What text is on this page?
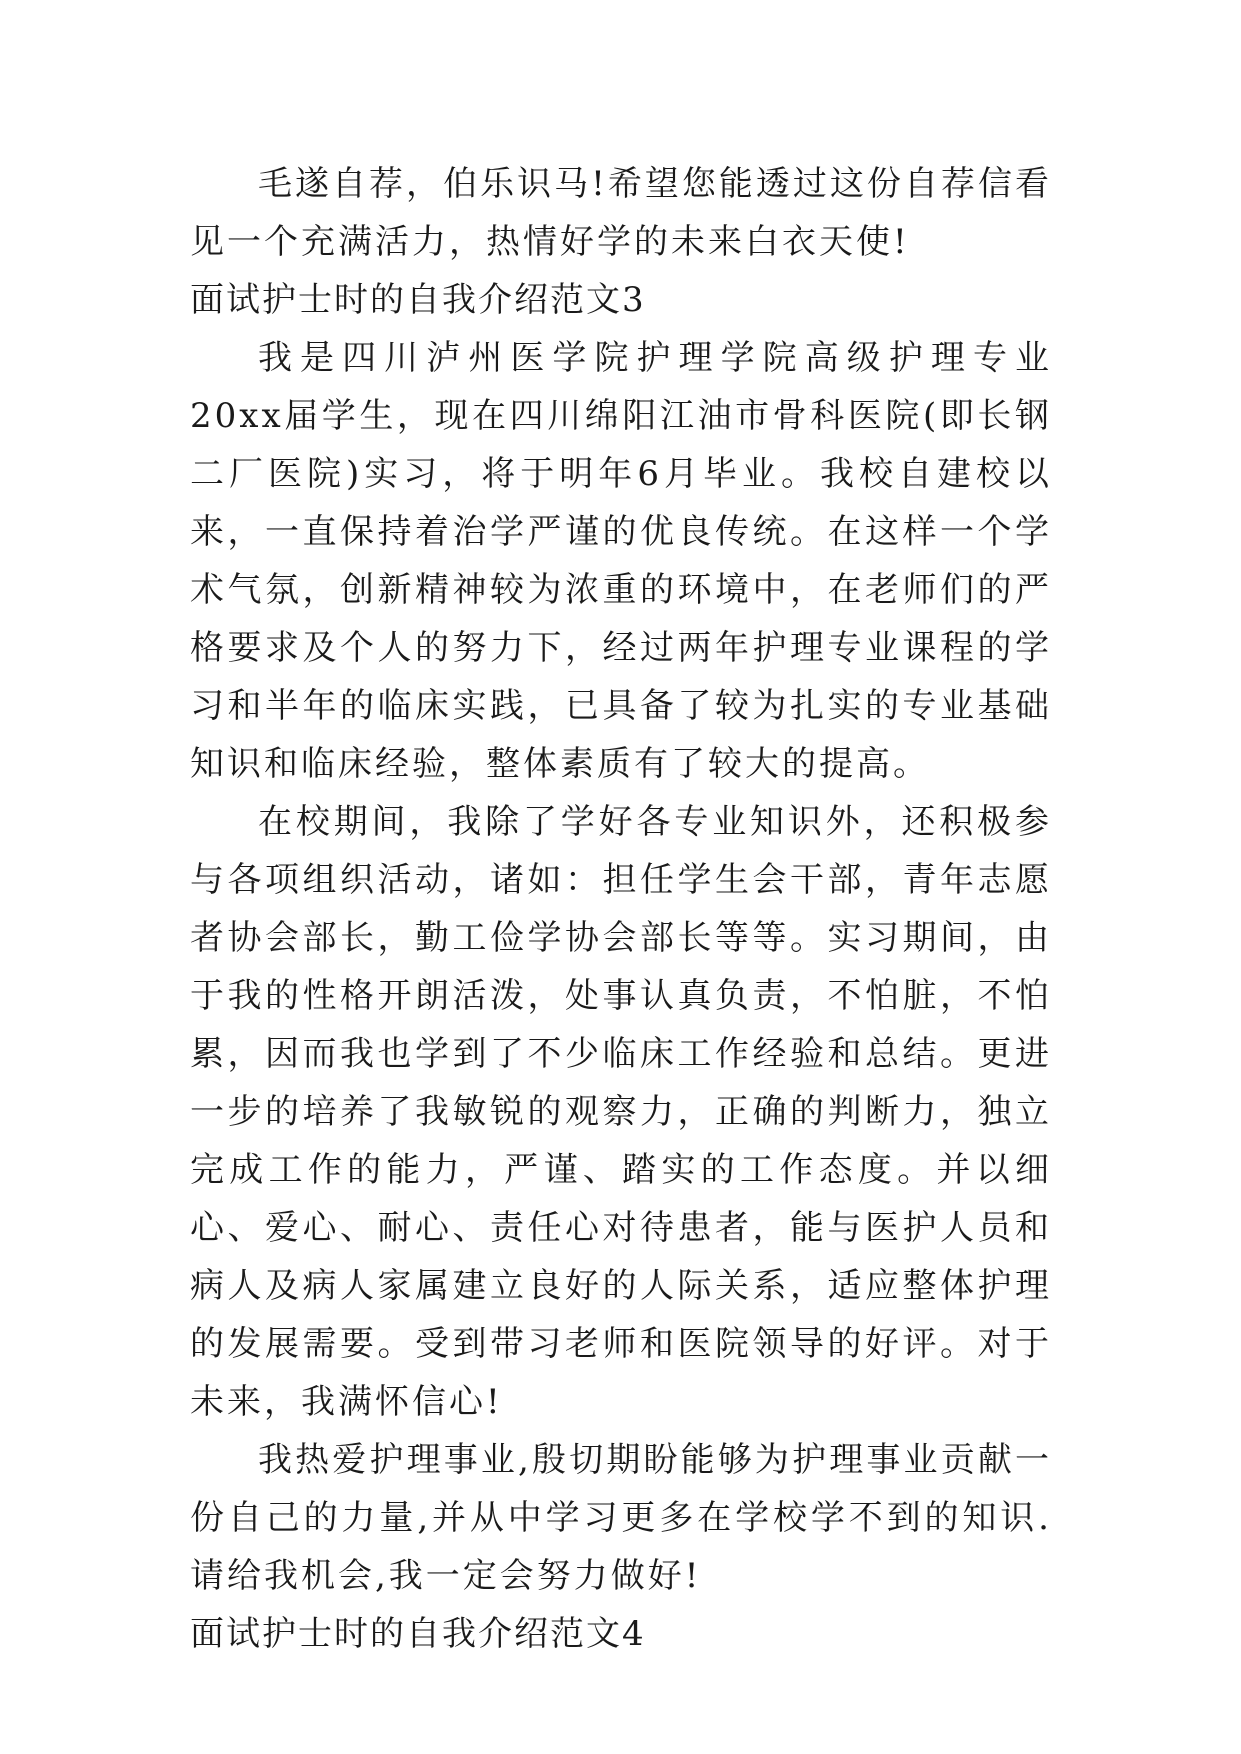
毛遂自荐，伯乐识马!希望您能透过这份自荐信看见一个充满活力，热情好学的未来白衣天使!

面试护士时的自我介绍范文3

我是四川泸州医学院护理学院高级护理专业20xx届学生，现在四川绵阳江油市骨科医院(即长钢二厂医院)实习，将于明年6月毕业。我校自建校以来，一直保持着治学严谨的优良传统。在这样一个学术气氛，创新精神较为浓重的环境中，在老师们的严格要求及个人的努力下，经过两年护理专业课程的学习和半年的临床实践，已具备了较为扎实的专业基础知识和临床经验，整体素质有了较大的提高。

在校期间，我除了学好各专业知识外，还积极参与各项组织活动，诸如：担任学生会干部，青年志愿者协会部长，勤工俭学协会部长等等。实习期间，由于我的性格开朗活泼，处事认真负责，不怕脏，不怕累，因而我也学到了不少临床工作经验和总结。更进一步的培养了我敏锐的观察力，正确的判断力，独立完成工作的能力，严谨、踏实的工作态度。并以细心、爱心、耐心、责任心对待患者，能与医护人员和病人及病人家属建立良好的人际关系，适应整体护理的发展需要。受到带习老师和医院领导的好评。对于未来，我满怀信心!

我热爱护理事业,殷切期盼能够为护理事业贡献一份自己的力量,并从中学习更多在学校学不到的知识.请给我机会,我一定会努力做好!

面试护士时的自我介绍范文4
